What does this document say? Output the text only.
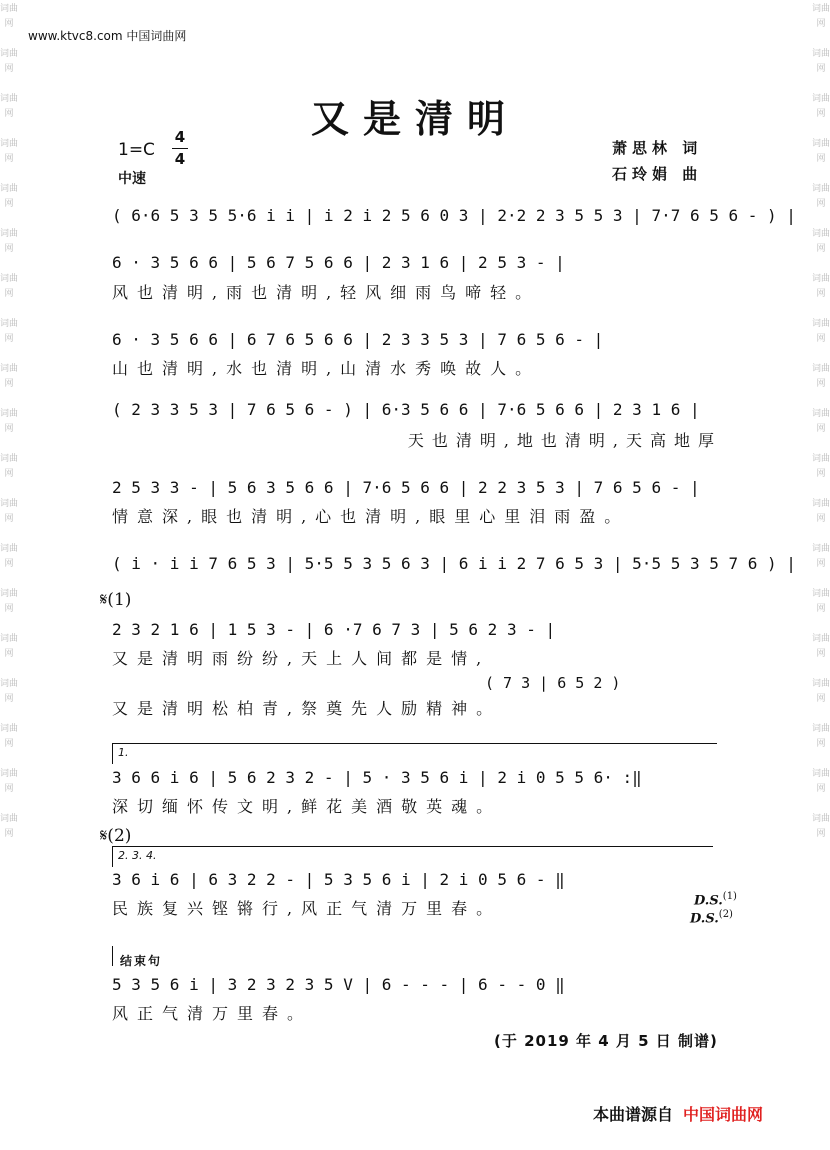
词曲网
词曲网
词曲网
词曲网
词曲网
词曲网
词曲网
词曲网
词曲网
词曲网
词曲网
词曲网
词曲网
词曲网
词曲网
词曲网
词曲网
词曲网
词曲网
词曲网
词曲网
词曲网
词曲网
词曲网
词曲网
词曲网
词曲网
词曲网
词曲网
词曲网
词曲网
词曲网
词曲网
词曲网
词曲网
词曲网
词曲网
词曲网
www.ktvc8.com 中国词曲网
又是清明
1=C
4
4
中速
萧思林 词
石玲娟 曲
( 6·6 5 3 5 5·6 i i | i 2 i 2 5 6 0 3 | 2·2 2 3 5 5 3 | 7·7 6 5 6 - ) |
6 · 3 5 6 6 | 5 6 7 5 6 6 | 2 3 1 6 | 2 5 3 - |
风也清明,雨也清明,轻风细雨鸟啼轻。
6 · 3 5 6 6 | 6 7 6 5 6 6 | 2 3 3 5 3 | 7 6 5 6 - |
山也清明,水也清明,山清水秀唤故人。
( 2 3 3 5 3 | 7 6 5 6 - ) | 6·3 5 6 6 | 7·6 5 6 6 | 2 3 1 6 |
天也清明,地也清明,天高地厚
2 5 3 3 - | 5 6 3 5 6 6 | 7·6 5 6 6 | 2 2 3 5 3 | 7 6 5 6 - |
情意深,眼也清明,心也清明,眼里心里泪雨盈。
( i · i i 7 6 5 3 | 5·5 5 3 5 6 3 | 6 i i 2 7 6 5 3 | 5·5 5 3 5 7 6 ) |
𝄋(1)
2 3 2 1 6 | 1 5 3 - | 6 ·7 6 7 3 | 5 6 2 3 - |
又是清明雨纷纷,天上人间都是情,
( 7 3 | 6 5 2 )
又是清明松柏青,祭奠先人励精神。
1.
3 6 6 i 6 | 5 6 2 3 2 - | 5 · 3 5 6 i | 2 i 0 5 5 6· :‖
深切缅怀传文明,鲜花美酒敬英魂。
𝄋(2)
2. 3. 4.
3 6 i 6 | 6 3 2 2 - | 5 3 5 6 i | 2 i 0 5 6 - ‖
民族复兴铿锵行,风正气清万里春。	D.S.$^{(1)}$
D.S.$^{(2)}$
结束句
5 3 5 6 i | 3 2 3 2 3 5 V | 6 - - - | 6 - - 0 ‖
风正气清万里春。
(于 2019 年 4 月 5 日 制谱)
本曲谱源自 中国词曲网
